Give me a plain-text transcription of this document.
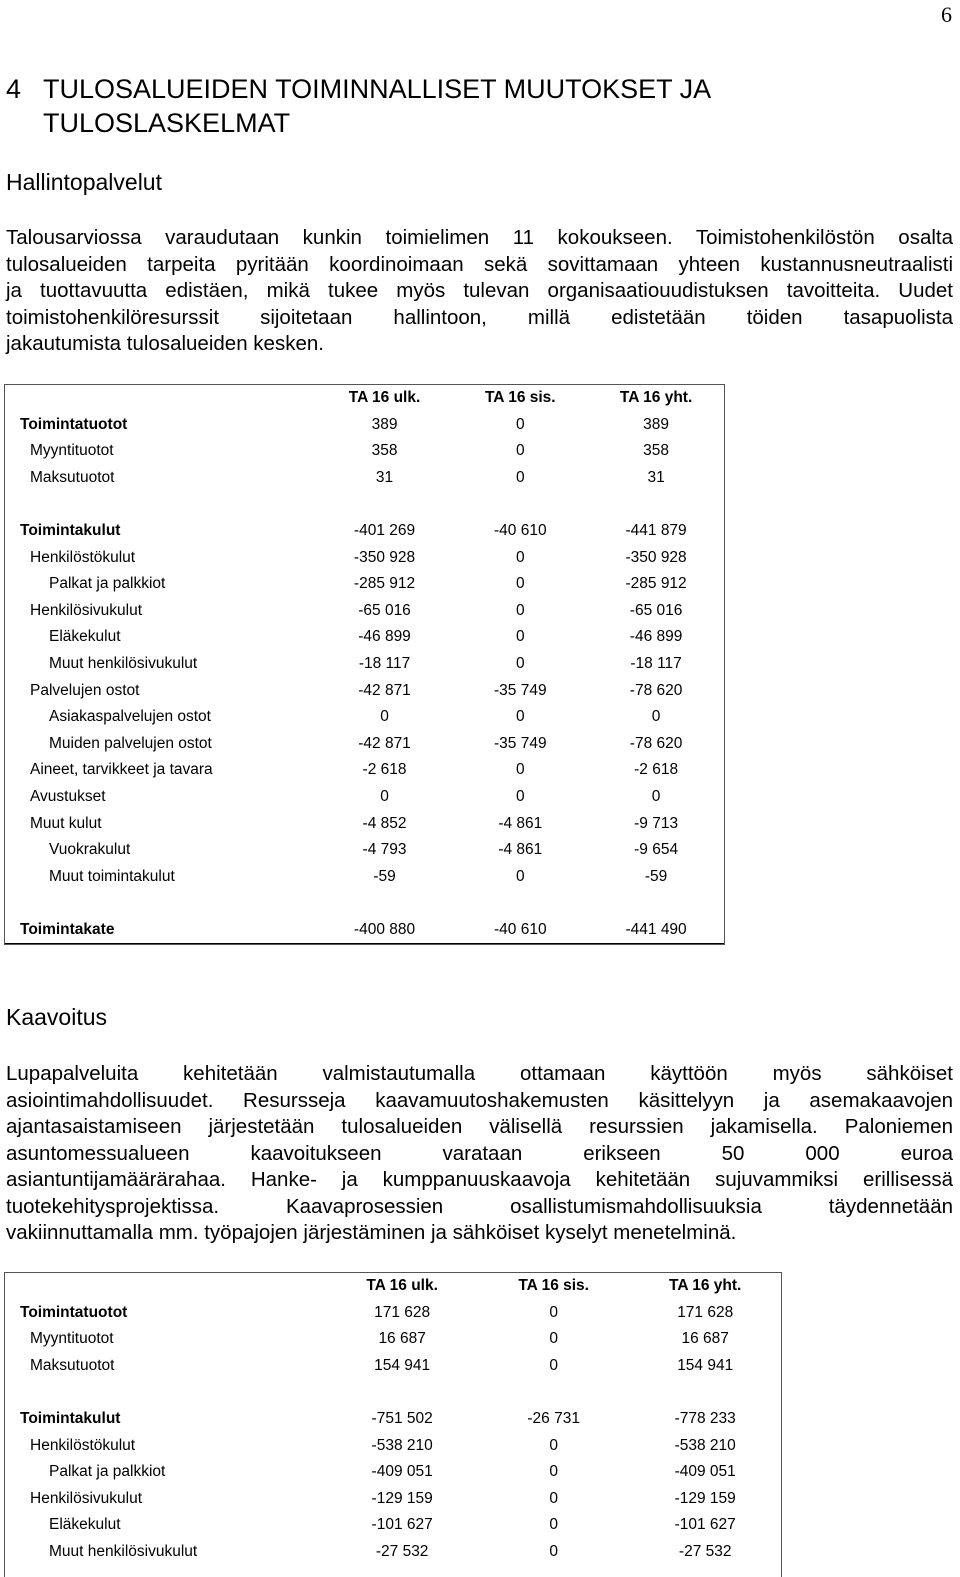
6
4 TULOSALUEIDEN TOIMINNALLISET MUUTOKSET JA
TULOSLASKELMAT
Hallintopalvelut
Talousarviossa varaudutaan kunkin toimielimen 11 kokoukseen. Toimistohenkilöstön osalta
tulosalueiden tarpeita pyritään koordinoimaan sekä sovittamaan yhteen kustannusneutraalisti
ja tuottavuutta edistäen, mikä tukee myös tulevan organisaatiouudistuksen tavoitteita. Uudet
toimistohenkilöresurssit sijoitetaan hallintoon, millä edistetään töiden tasapuolista
jakautumista tulosalueiden kesken.
	TA 16 ulk.	TA 16 sis.	TA 16 yht.
Toimintatuotot	389	0	389
Myyntituotot	358	0	358
Maksutuotot	31	0	31

Toimintakulut	-401 269	-40 610	-441 879
Henkilöstökulut	-350 928	0	-350 928
Palkat ja palkkiot	-285 912	0	-285 912
Henkilösivukulut	-65 016	0	-65 016
Eläkekulut	-46 899	0	-46 899
Muut henkilösivukulut	-18 117	0	-18 117
Palvelujen ostot	-42 871	-35 749	-78 620
Asiakaspalvelujen ostot	0	0	0
Muiden palvelujen ostot	-42 871	-35 749	-78 620
Aineet, tarvikkeet ja tavara	-2 618	0	-2 618
Avustukset	0	0	0
Muut kulut	-4 852	-4 861	-9 713
Vuokrakulut	-4 793	-4 861	-9 654
Muut toimintakulut	-59	0	-59

Toimintakate	-400 880	-40 610	-441 490
Kaavoitus
Lupapalveluita kehitetään valmistautumalla ottamaan käyttöön myös sähköiset
asiointimahdollisuudet. Resursseja kaavamuutoshakemusten käsittelyyn ja asemakaavojen
ajantasaistamiseen järjestetään tulosalueiden välisellä resurssien jakamisella. Paloniemen
asuntomessualueen kaavoitukseen varataan erikseen 50 000 euroa
asiantuntijamäärärahaa. Hanke- ja kumppanuuskaavoja kehitetään sujuvammiksi erillisessä
tuotekehitysprojektissa. Kaavaprosessien osallistumismahdollisuuksia täydennetään
vakiinnuttamalla mm. työpajojen järjestäminen ja sähköiset kyselyt menetelminä.
	TA 16 ulk.	TA 16 sis.	TA 16 yht.
Toimintatuotot	171 628	0	171 628
Myyntituotot	16 687	0	16 687
Maksutuotot	154 941	0	154 941

Toimintakulut	-751 502	-26 731	-778 233
Henkilöstökulut	-538 210	0	-538 210
Palkat ja palkkiot	-409 051	0	-409 051
Henkilösivukulut	-129 159	0	-129 159
Eläkekulut	-101 627	0	-101 627
Muut henkilösivukulut	-27 532	0	-27 532
